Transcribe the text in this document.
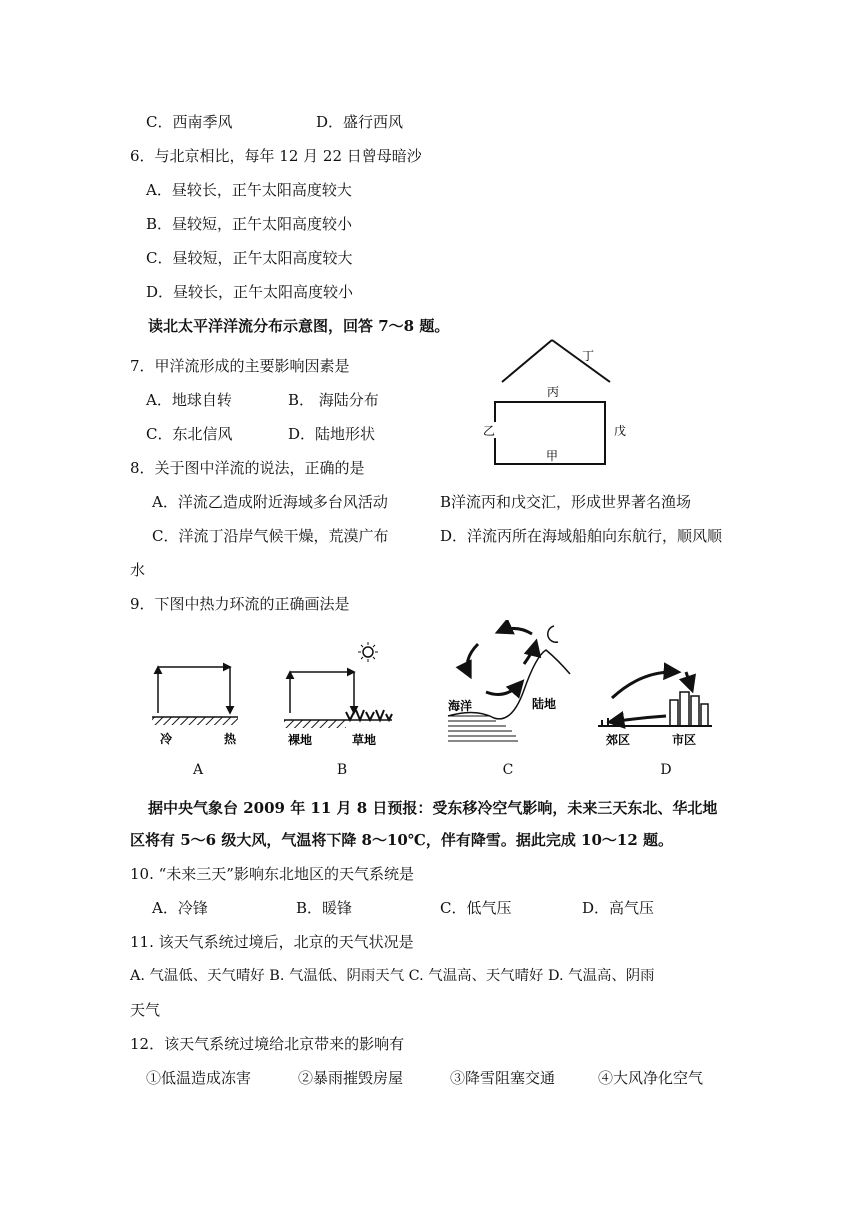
C．西南季风	D．盛行西风
6．与北京相比，每年 12 月 22 日曾母暗沙
A．昼较长，正午太阳高度较大
B．昼较短，正午太阳高度较小
C．昼较短，正午太阳高度较大
D．昼较长，正午太阳高度较小
读北太平洋洋流分布示意图，回答 7～8 题。
7．甲洋流形成的主要影响因素是
A．地球自转	B． 海陆分布
C．东北信风	D．陆地形状
丙
丁
乙	戊
甲
8．关于图中洋流的说法，正确的是
A．洋流乙造成附近海域多台风活动	B洋流丙和戊交汇，形成世界著名渔场
C．洋流丁沿岸气候干燥，荒漠广布	D．洋流丙所在海域船舶向东航行，顺风顺
水
9．下图中热力环流的正确画法是
冷	热
A
裸地	草地
B
海洋	陆地
C
郊区	市区
D
据中央气象台 2009 年 11 月 8 日预报：受东移冷空气影响，未来三天东北、华北地
区将有 5～6 级大风，气温将下降 8～10℃，伴有降雪。据此完成 10～12 题。
10. “未来三天”影响东北地区的天气系统是
A．冷锋	B．暖锋	C．低气压	D．高气压
11. 该天气系统过境后，北京的天气状况是
A. 气温低、天气晴好 B. 气温低、阴雨天气 C. 气温高、天气晴好 D. 气温高、阴雨
天气
12．该天气系统过境给北京带来的影响有
①低温造成冻害	②暴雨摧毁房屋	③降雪阻塞交通	④大风净化空气
